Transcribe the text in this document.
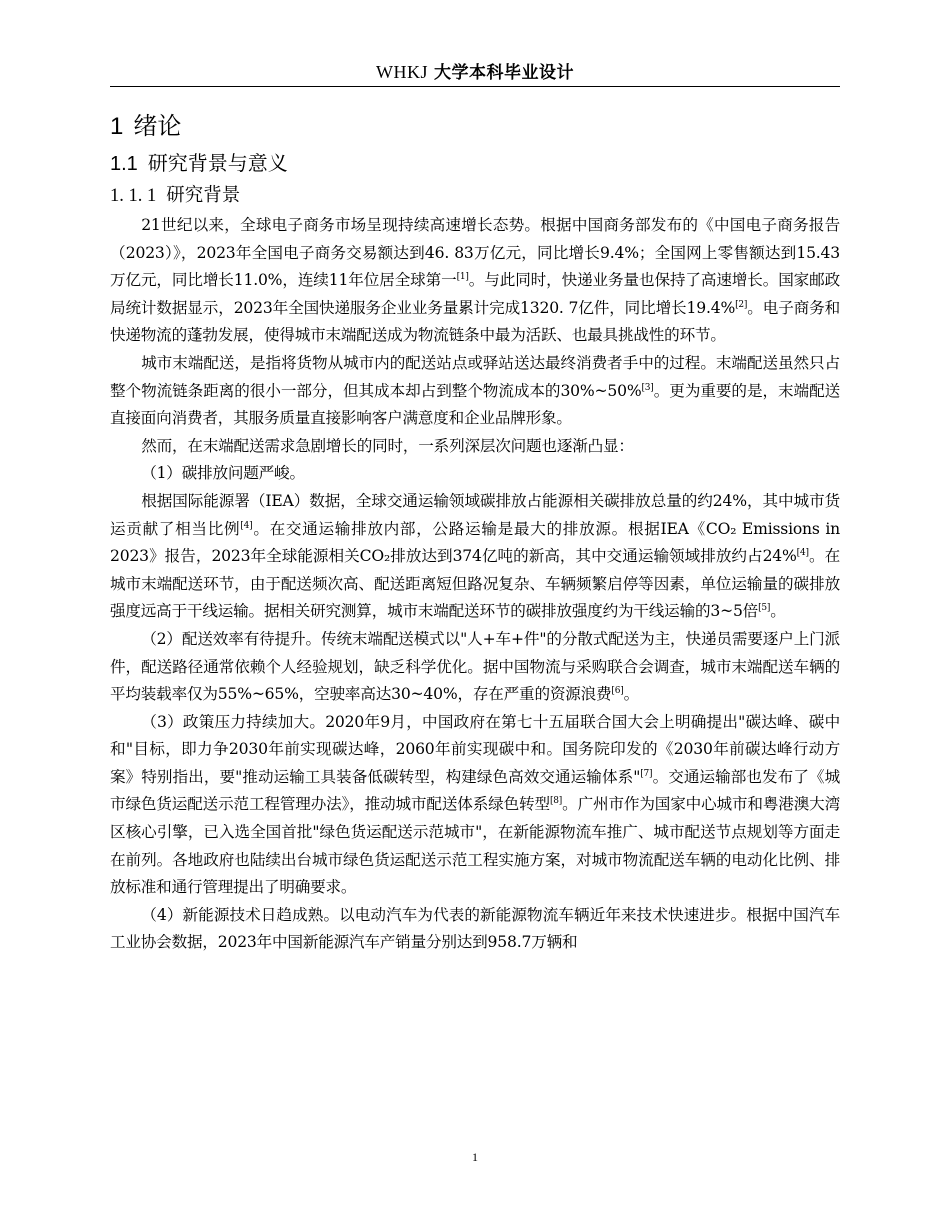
WHKJ 大学本科毕业设计
1 绪论
1.1 研究背景与意义
1. 1. 1 研究背景

21世纪以来，全球电子商务市场呈现持续高速增长态势。根据中国商务部发布的《中国电子商务报告（2023）》，2023年全国电子商务交易额达到46. 83万亿元，同比增长9.4%；全国网上零售额达到15.43万亿元，同比增长11.0%，连续11年位居全球第一[1]。与此同时，快递业务量也保持了高速增长。国家邮政局统计数据显示，2023年全国快递服务企业业务量累计完成1320. 7亿件，同比增长19.4%[2]。电子商务和快递物流的蓬勃发展，使得城市末端配送成为物流链条中最为活跃、也最具挑战性的环节。

城市末端配送，是指将货物从城市内的配送站点或驿站送达最终消费者手中的过程。末端配送虽然只占整个物流链条距离的很小一部分，但其成本却占到整个物流成本的30%~50%[3]。更为重要的是，末端配送直接面向消费者，其服务质量直接影响客户满意度和企业品牌形象。

然而，在末端配送需求急剧增长的同时，一系列深层次问题也逐渐凸显：

（1）碳排放问题严峻。

根据国际能源署（IEA）数据，全球交通运输领域碳排放占能源相关碳排放总量的约24%，其中城市货运贡献了相当比例[4]。在交通运输排放内部，公路运输是最大的排放源。根据IEA《CO₂ Emissions in 2023》报告，2023年全球能源相关CO₂排放达到374亿吨的新高，其中交通运输领域排放约占24%[4]。在城市末端配送环节，由于配送频次高、配送距离短但路况复杂、车辆频繁启停等因素，单位运输量的碳排放强度远高于干线运输。据相关研究测算，城市末端配送环节的碳排放强度约为干线运输的3~5倍[5]。

（2）配送效率有待提升。传统末端配送模式以"人+车+件"的分散式配送为主，快递员需要逐户上门派件，配送路径通常依赖个人经验规划，缺乏科学优化。据中国物流与采购联合会调查，城市末端配送车辆的平均装载率仅为55%~65%，空驶率高达30~40%，存在严重的资源浪费[6]。

（3）政策压力持续加大。2020年9月，中国政府在第七十五届联合国大会上明确提出"碳达峰、碳中和"目标，即力争2030年前实现碳达峰，2060年前实现碳中和。国务院印发的《2030年前碳达峰行动方案》特别指出，要"推动运输工具装备低碳转型，构建绿色高效交通运输体系"[7]。交通运输部也发布了《城市绿色货运配送示范工程管理办法》，推动城市配送体系绿色转型[8]。广州市作为国家中心城市和粤港澳大湾区核心引擎，已入选全国首批"绿色货运配送示范城市"，在新能源物流车推广、城市配送节点规划等方面走在前列。各地政府也陆续出台城市绿色货运配送示范工程实施方案，对城市物流配送车辆的电动化比例、排放标准和通行管理提出了明确要求。

（4）新能源技术日趋成熟。以电动汽车为代表的新能源物流车辆近年来技术快速进步。根据中国汽车工业协会数据，2023年中国新能源汽车产销量分别达到958.7万辆和

1
